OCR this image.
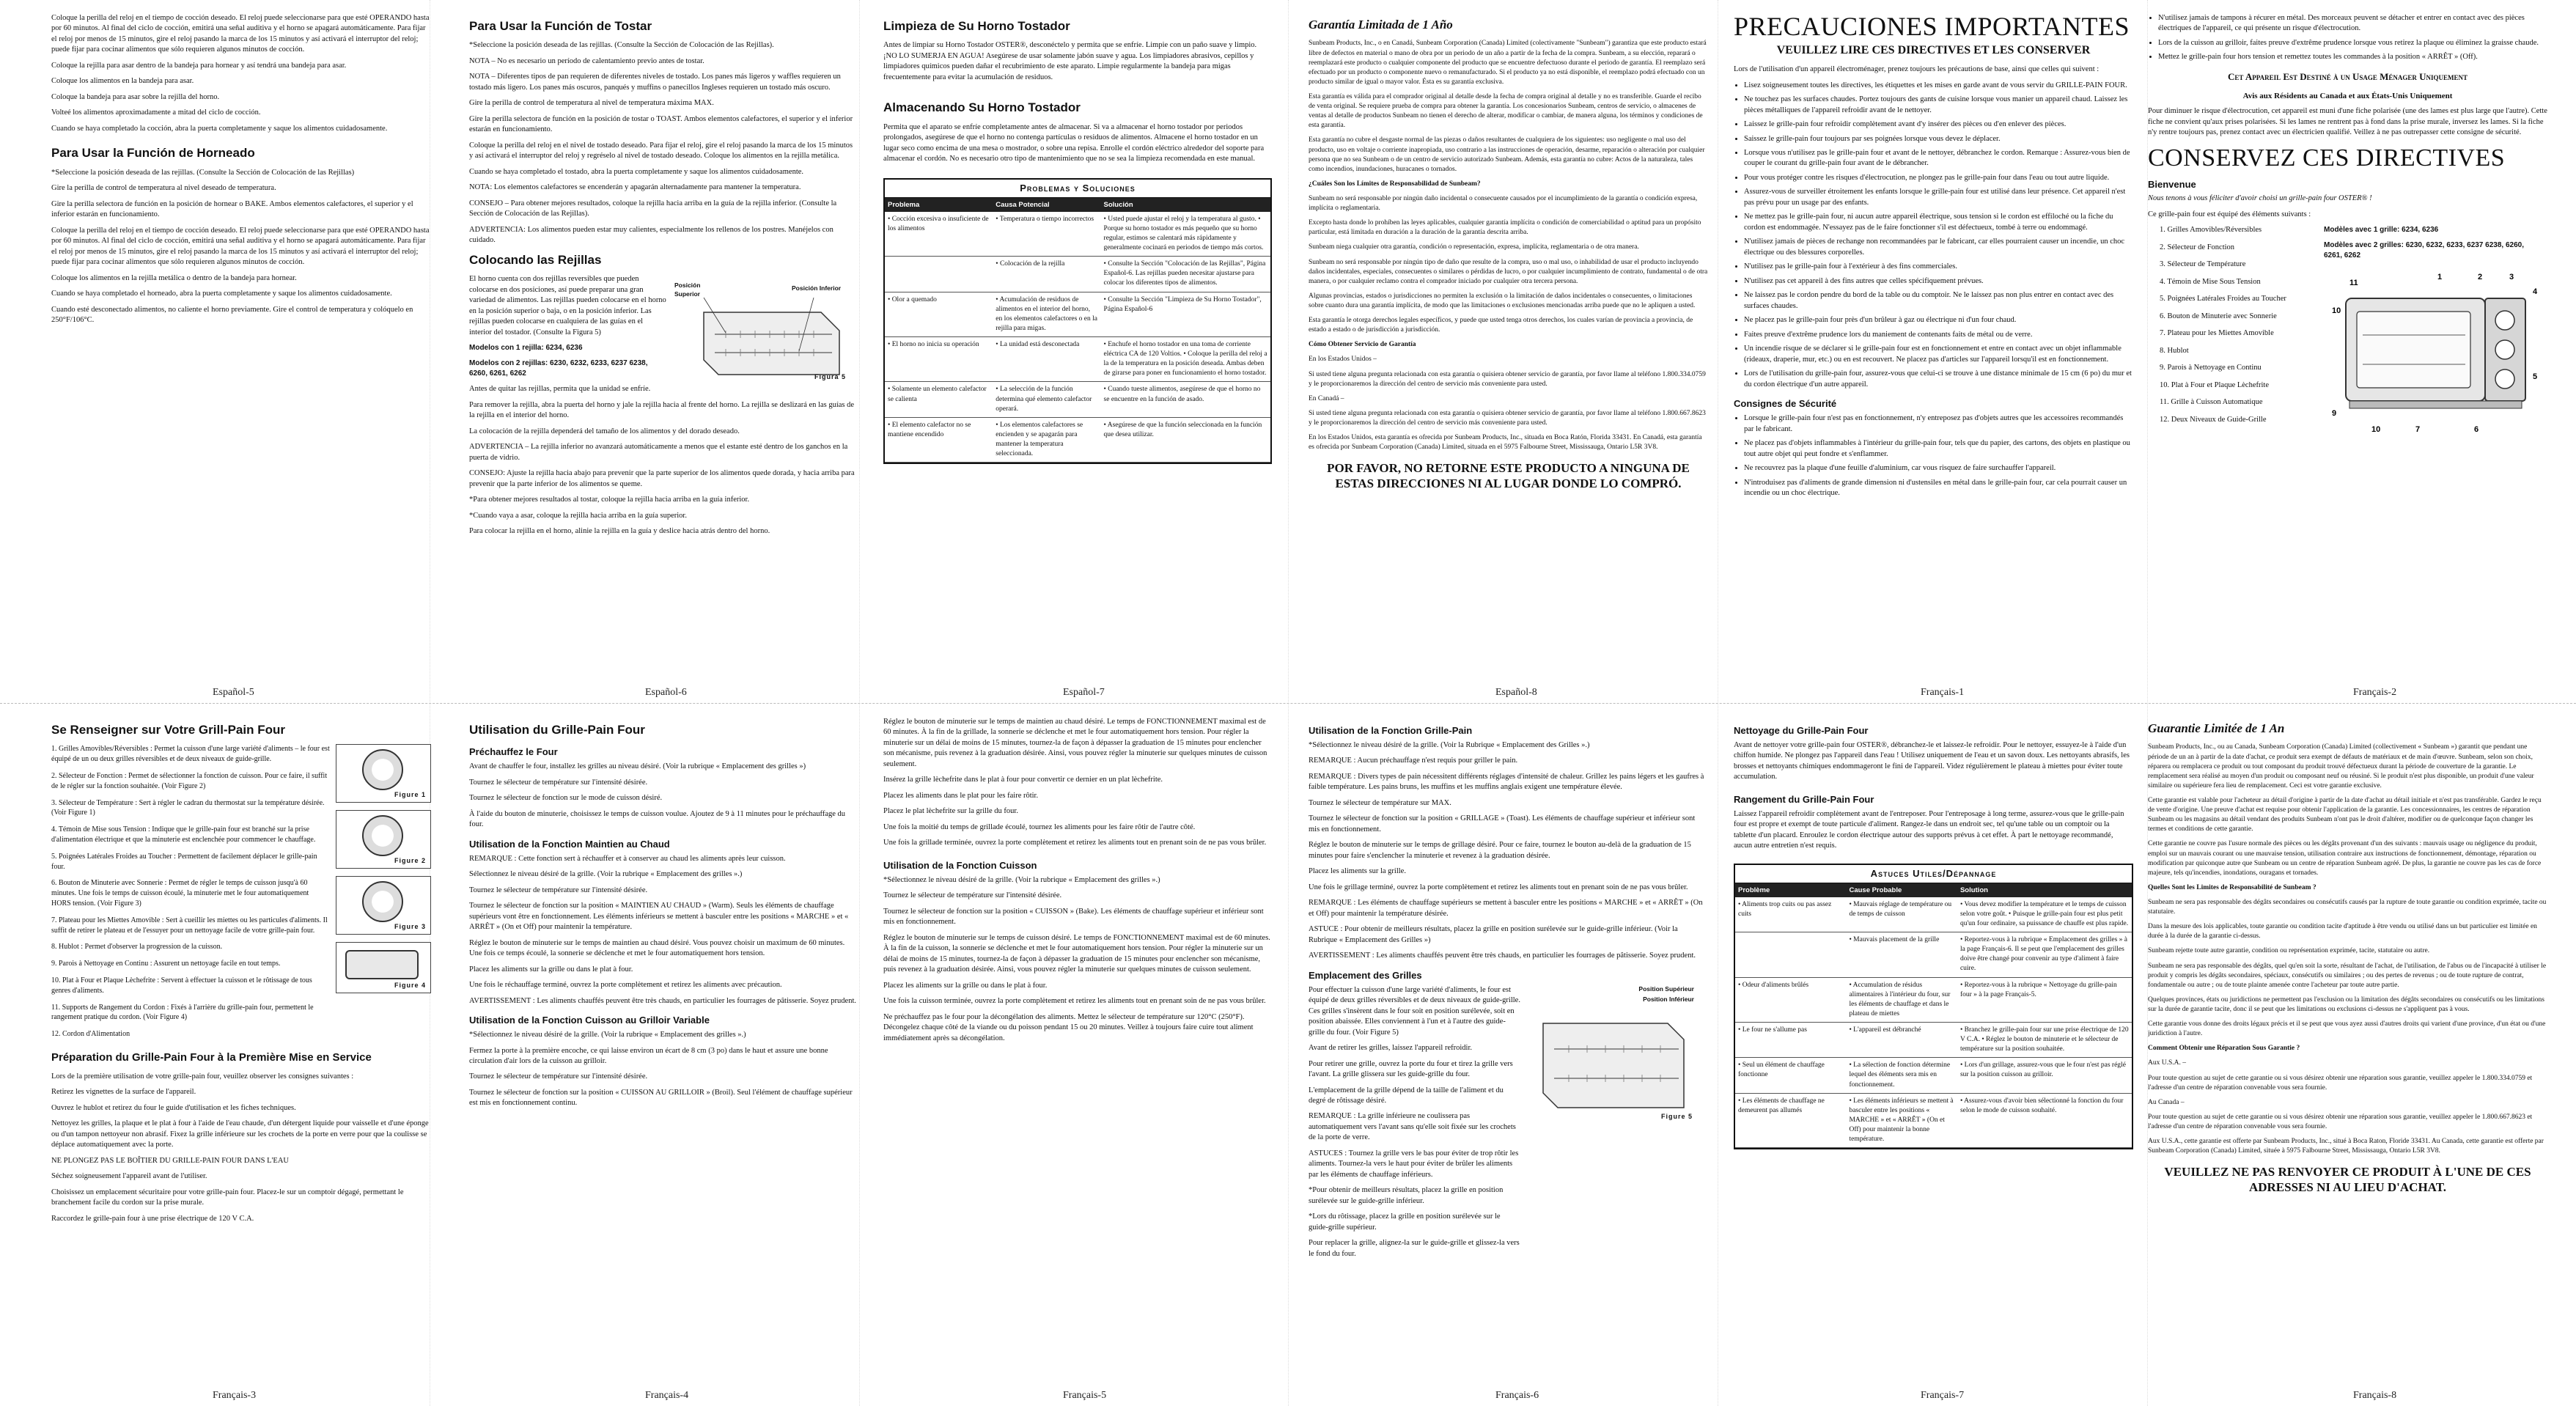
Coloque la perilla del reloj en el tiempo de cocción deseado. El reloj puede seleccionarse para que esté OPERANDO hasta por 60 minutos. Al final del ciclo de cocción, emitirá una señal auditiva y el horno se apagará automáticamente. Para fijar el reloj por menos de 15 minutos, gire el reloj pasando la marca de los 15 minutos y así activará el interruptor del reloj; puede fijar para cocinar alimentos que sólo requieren algunos minutos de cocción.

Coloque la rejilla para asar dentro de la bandeja para hornear y así tendrá una bandeja para asar.

Coloque los alimentos en la bandeja para asar.

Coloque la bandeja para asar sobre la rejilla del horno.

Volteé los alimentos aproximadamente a mitad del ciclo de cocción.

Cuando se haya completado la cocción, abra la puerta completamente y saque los alimentos cuidadosamente.

Para Usar la Función de Horneado

*Seleccione la posición deseada de las rejillas. (Consulte la Sección de Colocación de las Rejillas)

Gire la perilla de control de temperatura al nivel deseado de temperatura.

Gire la perilla selectora de función en la posición de hornear o BAKE. Ambos elementos calefactores, el superior y el inferior estarán en funcionamiento.

Coloque la perilla del reloj en el tiempo de cocción deseado. El reloj puede seleccionarse para que esté OPERANDO hasta por 60 minutos. Al final del ciclo de cocción, emitirá una señal auditiva y el horno se apagará automáticamente. Para fijar el reloj por menos de 15 minutos, gire el reloj pasando la marca de los 15 minutos y así activará el interruptor del reloj; puede fijar para cocinar alimentos que sólo requieren algunos minutos de cocción.

Coloque los alimentos en la rejilla metálica o dentro de la bandeja para hornear.

Cuando se haya completado el horneado, abra la puerta completamente y saque los alimentos cuidadosamente.

Cuando esté desconectado alimentos, no caliente el horno previamente. Gire el control de temperatura y colóquelo en 250°F/106°C.

Español-5
Para Usar la Función de Tostar

*Seleccione la posición deseada de las rejillas. (Consulte la Sección de Colocación de las Rejillas).

NOTA – No es necesario un período de calentamiento previo antes de tostar.

NOTA – Diferentes tipos de pan requieren de diferentes niveles de tostado. Los panes más ligeros y waffles requieren un tostado más ligero. Los panes más oscuros, panqués y muffins o panecillos Ingleses requieren un tostado más oscuro.

Gire la perilla de control de temperatura al nivel de temperatura máxima MAX.

Gire la perilla selectora de función en la posición de tostar o TOAST. Ambos elementos calefactores, el superior y el inferior estarán en funcionamiento.

Coloque la perilla del reloj en el nivel de tostado deseado. Para fijar el reloj, gire el reloj pasando la marca de los 15 minutos y así activará el interruptor del reloj y regréselo al nivel de tostado deseado. Coloque los alimentos en la rejilla metálica.

Cuando se haya completado el tostado, abra la puerta completamente y saque los alimentos cuidadosamente.

NOTA: Los elementos calefactores se encenderán y apagarán alternadamente para mantener la temperatura.

CONSEJO – Para obtener mejores resultados, coloque la rejilla hacia arriba en la guía de la rejilla inferior. (Consulte la Sección de Colocación de las Rejillas).

ADVERTENCIA: Los alimentos pueden estar muy calientes, especialmente los rellenos de los postres. Manéjelos con cuidado.

Colocando las Rejillas

El horno cuenta con dos rejillas reversibles que pueden colocarse en dos posiciones, así puede preparar una gran variedad de alimentos. Las rejillas pueden colocarse en el horno en la posición superior o baja, o en la posición inferior. Las rejillas pueden colocarse en cualquiera de las guías en el interior del tostador. (Consulte la Figura 5)

Modelos con 1 rejilla: 6234, 6236

Modelos con 2 rejillas: 6230, 6232, 6233, 6237 6238, 6260, 6261, 6262

Posición Superior
Posición Inferior
Figura 5

Antes de quitar las rejillas, permita que la unidad se enfríe.

Para remover la rejilla, abra la puerta del horno y jale la rejilla hacia al frente del horno. La rejilla se deslizará en las guías de la rejilla en el interior del horno.

La colocación de la rejilla dependerá del tamaño de los alimentos y del dorado deseado.

ADVERTENCIA – La rejilla inferior no avanzará automáticamente a menos que el estante esté dentro de los ganchos en la puerta de vidrio.

CONSEJO: Ajuste la rejilla hacia abajo para prevenir que la parte superior de los alimentos quede dorada, y hacia arriba para prevenir que la parte inferior de los alimentos se queme.

*Para obtener mejores resultados al tostar, coloque la rejilla hacia arriba en la guía inferior.

*Cuando vaya a asar, coloque la rejilla hacia arriba en la guía superior.

Para colocar la rejilla en el horno, alinie la rejilla en la guía y deslice hacia atrás dentro del horno.

Español-6
Limpieza de Su Horno Tostador

Antes de limpiar su Horno Tostador OSTER®, desconéctelo y permita que se enfríe. Limpie con un paño suave y limpio. ¡NO LO SUMERJA EN AGUA! Asegúrese de usar solamente jabón suave y agua. Los limpiadores abrasivos, cepillos y limpiadores químicos pueden dañar el recubrimiento de este aparato. Limpie regularmente la bandeja para migas frecuentemente para evitar la acumulación de residuos.

Almacenando Su Horno Tostador

Permita que el aparato se enfríe completamente antes de almacenar. Si va a almacenar el horno tostador por periodos prolongados, asegúrese de que el horno no contenga partículas o residuos de alimentos. Almacene el horno tostador en un lugar seco como encima de una mesa o mostrador, o sobre una repisa. Enrolle el cordón eléctrico alrededor del soporte para almacenar el cordón. No es necesario otro tipo de mantenimiento que no se sea la limpieza recomendada en este manual.

Problemas y Soluciones
Problema	Causa Potencial	Solución
• Cocción excesiva o insuficiente de los alimentos	• Temperatura o tiempo incorrectos	• Usted puede ajustar el reloj y la temperatura al gusto. • Porque su horno tostador es más pequeño que su horno regular, estimos se calentará más rápidamente y generalmente cocinará en periodos de tiempo más cortos.
	• Colocación de la rejilla	• Consulte la Sección "Colocación de las Rejillas", Página Español-6. Las rejillas pueden necesitar ajustarse para colocar los diferentes tipos de alimentos.
• Olor a quemado	• Acumulación de residuos de alimentos en el interior del horno, en los elementos calefactores o en la rejilla para migas.	• Consulte la Sección "Limpieza de Su Horno Tostador", Página Español-6
• El horno no inicia su operación	• La unidad está desconectada	• Enchufe el horno tostador en una toma de corriente eléctrica CA de 120 Voltios. • Coloque la perilla del reloj a la de la temperatura en la posición deseada. Ambas deben de girarse para poner en funcionamiento el horno tostador.
• Solamente un elemento calefactor se calienta	• La selección de la función determina qué elemento calefactor operará.	• Cuando tueste alimentos, asegúrese de que el horno no se encuentre en la función de asado.
• El elemento calefactor no se mantiene encendido	• Los elementos calefactores se encienden y se apagarán para mantener la temperatura seleccionada.	• Asegúrese de que la función seleccionada en la función que desea utilizar.
Español-7
Garantía Limitada de 1 Año

Sunbeam Products, Inc., o en Canadá, Sunbeam Corporation (Canada) Limited (colectivamente "Sunbeam") garantiza que este producto estará libre de defectos en material o mano de obra por un periodo de un año a partir de la fecha de la compra. Sunbeam, a su elección, reparará o reemplazará este producto o cualquier componente del producto que se encuentre defectuoso durante el periodo de garantía. El reemplazo será efectuado por un producto o componente nuevo o remanufacturado. Si el producto ya no está disponible, el reemplazo podrá efectuado con un producto similar de igual o mayor valor. Ésta es su garantía exclusiva.

Esta garantía es válida para el comprador original al detalle desde la fecha de compra original al detalle y no es transferible. Guarde el recibo de venta original. Se requiere prueba de compra para obtener la garantía. Los concesionarios Sunbeam, centros de servicio, o almacenes de ventas al detalle de productos Sunbeam no tienen el derecho de alterar, modificar o cambiar, de manera alguna, los términos y condiciones de esta garantía.

Esta garantía no cubre el desgaste normal de las piezas o daños resultantes de cualquiera de los siguientes: uso negligente o mal uso del producto, uso en voltaje o corriente inapropiada, uso contrario a las instrucciones de operación, desarme, reparación o alteración por cualquier persona que no sea Sunbeam o de un centro de servicio autorizado Sunbeam. Además, esta garantía no cubre: Actos de la naturaleza, tales como incendios, inundaciones, huracanes o tornados.

¿Cuáles Son los Límites de Responsabilidad de Sunbeam?

Sunbeam no será responsable por ningún daño incidental o consecuente causados por el incumplimiento de la garantía o condición expresa, implícita o reglamentaria.

Excepto hasta donde lo prohíben las leyes aplicables, cualquier garantía implícita o condición de comerciabilidad o aptitud para un propósito particular, está limitada en duración a la duración de la garantía descrita arriba.

Sunbeam niega cualquier otra garantía, condición o representación, expresa, implícita, reglamentaria o de otra manera.

Sunbeam no será responsable por ningún tipo de daño que resulte de la compra, uso o mal uso, o inhabilidad de usar el producto incluyendo daños incidentales, especiales, consecuentes o similares o pérdidas de lucro, o por cualquier incumplimiento de contrato, fundamental o de otra manera, o por cualquier reclamo contra el comprador iniciado por cualquier otra tercera persona.

Algunas provincias, estados o jurisdicciones no permiten la exclusión o la limitación de daños incidentales o consecuentes, o limitaciones sobre cuanto dura una garantía implícita, de modo que las limitaciones o exclusiones mencionadas arriba puede que no le apliquen a usted.

Esta garantía le otorga derechos legales específicos, y puede que usted tenga otros derechos, los cuales varían de provincia a provincia, de estado a estado o de jurisdicción a jurisdicción.

Cómo Obtener Servicio de Garantía

En los Estados Unidos –

Si usted tiene alguna pregunta relacionada con esta garantía o quisiera obtener servicio de garantía, por favor llame al teléfono 1.800.334.0759 y le proporcionaremos la dirección del centro de servicio más conveniente para usted.

En Canadá –

Si usted tiene alguna pregunta relacionada con esta garantía o quisiera obtener servicio de garantía, por favor llame al teléfono 1.800.667.8623 y le proporcionaremos la dirección del centro de servicio más conveniente para usted.

En los Estados Unidos, esta garantía es ofrecida por Sunbeam Products, Inc., situada en Boca Ratón, Florida 33431. En Canadá, esta garantía es ofrecida por Sunbeam Corporation (Canada) Limited, situada en el 5975 Falbourne Street, Mississauga, Ontario L5R 3V8.

POR FAVOR, NO RETORNE ESTE PRODUCTO A NINGUNA DE ESTAS DIRECCIONES NI AL LUGAR DONDE LO COMPRÓ.
Español-8
PRECAUCIONES IMPORTANTES
VEUILLEZ LIRE CES DIRECTIVES ET LES CONSERVER

Lors de l'utilisation d'un appareil électroménager, prenez toujours les précautions de base, ainsi que celles qui suivent :

• Lisez soigneusement toutes les directives, les étiquettes et les mises en garde avant de vous servir du GRILLE-PAIN FOUR.
• Ne touchez pas les surfaces chaudes. Portez toujours des gants de cuisine lorsque vous manier un appareil chaud. Laissez les pièces métalliques de l'appareil refroidir avant de le nettoyer.
• Laissez le grille-pain four refroidir complètement avant d'y insérer des pièces ou d'en enlever des pièces.
• Saissez le grille-pain four toujours par ses poignées lorsque vous devez le déplacer.
• Lorsque vous n'utilisez pas le grille-pain four et avant de le nettoyer, débranchez le cordon. Remarque : Assurez-vous bien de couper le courant du grille-pain four avant de le débrancher.
• Pour vous protéger contre les risques d'électrocution, ne plongez pas le grille-pain four dans l'eau ou tout autre liquide.
• Assurez-vous de surveiller étroitement les enfants lorsque le grille-pain four est utilisé dans leur présence. Cet appareil n'est pas prévu pour un usage par des enfants.
• Ne mettez pas le grille-pain four, ni aucun autre appareil électrique, sous tension si le cordon est effiloché ou la fiche du cordon est endommagée. N'essayez pas de le faire fonctionner s'il est défectueux, tombé à terre ou endommagé.
• N'utilisez jamais de pièces de rechange non recommandées par le fabricant, car elles pourraient causer un incendie, un choc électrique ou des blessures corporelles.
• N'utilisez pas le grille-pain four à l'extérieur à des fins commerciales.
• N'utilisez pas cet appareil à des fins autres que celles spécifiquement prévues.
• Ne laissez pas le cordon pendre du bord de la table ou du comptoir. Ne le laissez pas non plus entrer en contact avec des surfaces chaudes.
• Ne placez pas le grille-pain four près d'un brûleur à gaz ou électrique ni d'un four chaud.
• Faites preuve d'extrême prudence lors du maniement de contenants faits de métal ou de verre.
• Un incendie risque de se déclarer si le grille-pain four est en fonctionnement et entre en contact avec un objet inflammable (rideaux, draperie, mur, etc.) ou en est recouvert. Ne placez pas d'articles sur l'appareil lorsqu'il est en fonctionnement.
• Lors de l'utilisation du grille-pain four, assurez-vous que celui-ci se trouve à une distance minimale de 15 cm (6 po) du mur et du cordon électrique d'un autre appareil.
Consignes de Sécurité
• Lorsque le grille-pain four n'est pas en fonctionnement, n'y entreposez pas d'objets autres que les accessoires recommandés par le fabricant.
• Ne placez pas d'objets inflammables à l'intérieur du grille-pain four, tels que du papier, des cartons, des objets en plastique ou tout autre objet qui peut fondre et s'enflammer.
• Ne recouvrez pas la plaque d'une feuille d'aluminium, car vous risquez de faire surchauffer l'appareil.
• N'introduisez pas d'aliments de grande dimension ni d'ustensiles en métal dans le grille-pain four, car cela pourrait causer un incendie ou un choc électrique.
Français-1
• N'utilisez jamais de tampons à récurer en métal. Des morceaux peuvent se détacher et entrer en contact avec des pièces électriques de l'appareil, ce qui présente un risque d'électrocution.
• Lors de la cuisson au grilloir, faites preuve d'extrême prudence lorsque vous retirez la plaque ou éliminez la graisse chaude.
• Mettez le grille-pain four hors tension et remettez toutes les commandes à la position « ARRÊT » (Off).
Cet Appareil Est Destiné à un Usage Ménager Uniquement
Avis aux Résidents au Canada et aux États-Unis Uniquement

Pour diminuer le risque d'électrocution, cet appareil est muni d'une fiche polarisée (une des lames est plus large que l'autre). Cette fiche ne convient qu'aux prises polarisées. Si les lames ne rentrent pas à fond dans la prise murale, inversez les lames. Si la fiche n'y rentre toujours pas, prenez contact avec un électricien qualifié. Veillez à ne pas outrepasser cette consigne de sécurité.

CONSERVEZ CES DIRECTIVES
Bienvenue

Nous tenons à vous féliciter d'avoir choisi un grille-pain four OSTER® !

Ce grille-pain four est équipé des éléments suivants :

1. Grilles Amovibles/Réversibles
2. Sélecteur de Fonction
3. Sélecteur de Température
4. Témoin de Mise Sous Tension
5. Poignées Latérales Froides au Toucher
6. Bouton de Minuterie avec Sonnerie
7. Plateau pour les Miettes Amovible
8. Hublot
9. Parois à Nettoyage en Continu
10. Plat à Four et Plaque Lèchefrite
11. Grille à Cuisson Automatique
12. Deux Niveaux de Guide-Grille

Modèles avec 1 grille: 6234, 6236

Modèles avec 2 grilles: 6230, 6232, 6233, 6237 6238, 6260, 6261, 6262

11
1	2	3
4
10
9
10	7	6
5
Français-2
Se Renseigner sur Votre Grill-Pain Four
1. Grilles Amovibles/Réversibles : Permet la cuisson d'une large variété d'aliments – le four est équipé de un ou deux grilles réversibles et de deux niveaux de guide-grille.
2. Sélecteur de Fonction : Permet de sélectionner la fonction de cuisson. Pour ce faire, il suffit de le régler sur la fonction souhaitée. (Voir Figure 2)
3. Sélecteur de Température : Sert à régler le cadran du thermostat sur la température désirée. (Voir Figure 1)
4. Témoin de Mise sous Tension : Indique que le grille-pain four est branché sur la prise d'alimentation électrique et que la minuterie est enclenchée pour commencer le chauffage.
5. Poignées Latérales Froides au Toucher : Permettent de facilement déplacer le grille-pain four.
6. Bouton de Minuterie avec Sonnerie : Permet de régler le temps de cuisson jusqu'à 60 minutes. Une fois le temps de cuisson écoulé, la minuterie met le four automatiquement HORS tension. (Voir Figure 3)
7. Plateau pour les Miettes Amovible : Sert à cueillir les miettes ou les particules d'aliments. Il suffit de retirer le plateau et de l'essuyer pour un nettoyage facile de votre grille-pain four.
8. Hublot : Permet d'observer la progression de la cuisson.
9. Parois à Nettoyage en Continu : Assurent un nettoyage facile en tout temps.
10. Plat à Four et Plaque Lèchefrite : Servent à effectuer la cuisson et le rôtissage de tous genres d'aliments.
11. Supports de Rangement du Cordon : Fixés à l'arrière du grille-pain four, permettent le rangement pratique du cordon. (Voir Figure 4)
12. Cordon d'Alimentation
Figure 1
Figure 2
Figure 3
Figure 4
Préparation du Grille-Pain Four à la Première Mise en Service

Lors de la première utilisation de votre grille-pain four, veuillez observer les consignes suivantes :

Retirez les vignettes de la surface de l'appareil.

Ouvrez le hublot et retirez du four le guide d'utilisation et les fiches techniques.

Nettoyez les grilles, la plaque et le plat à four à l'aide de l'eau chaude, d'un détergent liquide pour vaisselle et d'une éponge ou d'un tampon nettoyeur non abrasif. Fixez la grille inférieure sur les crochets de la porte en verre pour que la coulisse se déplace automatiquement avec la porte.

NE PLONGEZ PAS LE BOÎTIER DU GRILLE-PAIN FOUR DANS L'EAU

Séchez soigneusement l'appareil avant de l'utiliser.

Choisissez un emplacement sécuritaire pour votre grille-pain four. Placez-le sur un comptoir dégagé, permettant le branchement facile du cordon sur la prise murale.

Raccordez le grille-pain four à une prise électrique de 120 V C.A.

Français-3
Utilisation du Grille-Pain Four
Préchauffez le Four

Avant de chauffer le four, installez les grilles au niveau désiré. (Voir la rubrique « Emplacement des grilles »)

Tournez le sélecteur de température sur l'intensité désirée.

Tournez le sélecteur de fonction sur le mode de cuisson désiré.

À l'aide du bouton de minuterie, choisissez le temps de cuisson voulue. Ajoutez de 9 à 11 minutes pour le préchauffage du four.

Utilisation de la Fonction Maintien au Chaud

REMARQUE : Cette fonction sert à réchauffer et à conserver au chaud les aliments après leur cuisson.

Sélectionnez le niveau désiré de la grille. (Voir la rubrique « Emplacement des grilles ».)

Tournez le sélecteur de température sur l'intensité désirée.

Tournez le sélecteur de fonction sur la position « MAINTIEN AU CHAUD » (Warm). Seuls les éléments de chauffage supérieurs vont être en fonctionnement. Les éléments inférieurs se mettent à basculer entre les positions « MARCHE » et « ARRÊT » (On et Off) pour maintenir la température.

Réglez le bouton de minuterie sur le temps de maintien au chaud désiré. Vous pouvez choisir un maximum de 60 minutes. Une fois ce temps écoulé, la sonnerie se déclenche et met le four automatiquement hors tension.

Placez les aliments sur la grille ou dans le plat à four.

Une fois le réchauffage terminé, ouvrez la porte complètement et retirez les aliments avec précaution.

AVERTISSEMENT : Les aliments chauffés peuvent être très chauds, en particulier les fourrages de pâtisserie. Soyez prudent.

Utilisation de la Fonction Cuisson au Grilloir Variable

*Sélectionnez le niveau désiré de la grille. (Voir la rubrique « Emplacement des grilles ».)

Fermez la porte à la première encoche, ce qui laisse environ un écart de 8 cm (3 po) dans le haut et assure une bonne circulation d'air lors de la cuisson au grilloir.

Tournez le sélecteur de température sur l'intensité désirée.

Tournez le sélecteur de fonction sur la position « CUISSON AU GRILLOIR » (Broil). Seul l'élément de chauffage supérieur est mis en fonctionnement continu.

Français-4

Réglez le bouton de minuterie sur le temps de maintien au chaud désiré. Le temps de FONCTIONNEMENT maximal est de 60 minutes. À la fin de la grillade, la sonnerie se déclenche et met le four automatiquement hors tension. Pour régler la minuterie sur un délai de moins de 15 minutes, tournez-la de façon à dépasser la graduation de 15 minutes pour enclencher son mécanisme, puis revenez à la graduation désirée. Ainsi, vous pouvez régler la minuterie sur quelques minutes de cuisson seulement.

Insérez la grille lèchefrite dans le plat à four pour convertir ce dernier en un plat lèchefrite.

Placez les aliments dans le plat pour les faire rôtir.

Placez le plat lèchefrite sur la grille du four.

Une fois la moitié du temps de grillade écoulé, tournez les aliments pour les faire rôtir de l'autre côté.

Une fois la grillade terminée, ouvrez la porte complètement et retirez les aliments tout en prenant soin de ne pas vous brûler.

Utilisation de la Fonction Cuisson

*Sélectionnez le niveau désiré de la grille. (Voir la rubrique « Emplacement des grilles ».)

Tournez le sélecteur de température sur l'intensité désirée.

Tournez le sélecteur de fonction sur la position « CUISSON » (Bake). Les éléments de chauffage supérieur et inférieur sont mis en fonctionnement.

Réglez le bouton de minuterie sur le temps de cuisson désiré. Le temps de FONCTIONNEMENT maximal est de 60 minutes. À la fin de la cuisson, la sonnerie se déclenche et met le four automatiquement hors tension. Pour régler la minuterie sur un délai de moins de 15 minutes, tournez-la de façon à dépasser la graduation de 15 minutes pour enclencher son mécanisme, puis revenez à la graduation désirée. Ainsi, vous pouvez régler la minuterie sur quelques minutes de cuisson seulement.

Placez les aliments sur la grille ou dans le plat à four.

Une fois la cuisson terminée, ouvrez la porte complètement et retirez les aliments tout en prenant soin de ne pas vous brûler.

Ne préchauffez pas le four pour la décongélation des aliments. Mettez le sélecteur de température sur 120°C (250°F). Décongelez chaque côté de la viande ou du poisson pendant 15 ou 20 minutes. Veillez à toujours faire cuire tout aliment immédiatement après sa décongélation.

Français-5
Utilisation de la Fonction Grille-Pain

*Sélectionnez le niveau désiré de la grille. (Voir la Rubrique « Emplacement des Grilles ».)

REMARQUE : Aucun préchauffage n'est requis pour griller le pain.

REMARQUE : Divers types de pain nécessitent différents réglages d'intensité de chaleur. Grillez les pains légers et les gaufres à faible température. Les pains bruns, les muffins et les muffins anglais exigent une température élevée.

Tournez le sélecteur de température sur MAX.

Tournez le sélecteur de fonction sur la position « GRILLAGE » (Toast). Les éléments de chauffage supérieur et inférieur sont mis en fonctionnement.

Réglez le bouton de minuterie sur le temps de grillage désiré. Pour ce faire, tournez le bouton au-delà de la graduation de 15 minutes pour faire s'enclencher la minuterie et revenez à la graduation désirée.

Placez les aliments sur la grille.

Une fois le grillage terminé, ouvrez la porte complètement et retirez les aliments tout en prenant soin de ne pas vous brûler.

REMARQUE : Les éléments de chauffage supérieurs se mettent à basculer entre les positions « MARCHE » et « ARRÊT » (On et Off) pour maintenir la température désirée.

ASTUCE : Pour obtenir de meilleurs résultats, placez la grille en position surélevée sur le guide-grille inférieur. (Voir la Rubrique « Emplacement des Grilles »)

AVERTISSEMENT : Les aliments chauffés peuvent être très chauds, en particulier les fourrages de pâtisserie. Soyez prudent.

Emplacement des Grilles

Pour effectuer la cuisson d'une large variété d'aliments, le four est équipé de deux grilles réversibles et de deux niveaux de guide-grille. Ces grilles s'insèrent dans le four soit en position surélevée, soit en position abaissée. Elles conviennent à l'un et à l'autre des guide-grille du four. (Voir Figure 5)

Avant de retirer les grilles, laissez l'appareil refroidir.

Pour retirer une grille, ouvrez la porte du four et tirez la grille vers l'avant. La grille glissera sur les guide-grille du four.

L'emplacement de la grille dépend de la taille de l'aliment et du degré de rôtissage désiré.

REMARQUE : La grille inférieure ne coulissera pas automatiquement vers l'avant sans qu'elle soit fixée sur les crochets de la porte de verre.

ASTUCES : Tournez la grille vers le bas pour éviter de trop rôtir les aliments. Tournez-la vers le haut pour éviter de brûler les aliments par les éléments de chauffage inférieurs.

*Pour obtenir de meilleurs résultats, placez la grille en position surélevée sur le guide-grille inférieur.

*Lors du rôtissage, placez la grille en position surélevée sur le guide-grille supérieur.

Pour replacer la grille, alignez-la sur le guide-grille et glissez-la vers le fond du four.

Position Supérieur
Position Inférieur
Figure 5
Français-6
Nettoyage du Grille-Pain Four

Avant de nettoyer votre grille-pain four OSTER®, débranchez-le et laissez-le refroidir. Pour le nettoyer, essuyez-le à l'aide d'un chiffon humide. Ne plongez pas l'appareil dans l'eau ! Utilisez uniquement de l'eau et un savon doux. Les nettoyants abrasifs, les brosses et nettoyants chimiques endommageront le fini de l'appareil. Videz régulièrement le plateau à miettes pour éviter toute accumulation.

Rangement du Grille-Pain Four

Laissez l'appareil refroidir complètement avant de l'entreposer. Pour l'entreposage à long terme, assurez-vous que le grille-pain four est propre et exempt de toute particule d'aliment. Rangez-le dans un endroit sec, tel qu'une table ou un comptoir ou la tablette d'un placard. Enroulez le cordon électrique autour des supports prévus à cet effet. À part le nettoyage recommandé, aucun autre entretien n'est requis.

Astuces Utiles/Dépannage
Problème	Cause Probable	Solution
• Aliments trop cuits ou pas assez cuits	• Mauvais réglage de température ou de temps de cuisson	• Vous devez modifier la température et le temps de cuisson selon votre goût. • Puisque le grille-pain four est plus petit qu'un four ordinaire, sa puissance de chauffe est plus rapide.
	• Mauvais placement de la grille	• Reportez-vous à la rubrique « Emplacement des grilles » à la page Français-6. Il se peut que l'emplacement des grilles doive être changé pour convenir au type d'aliment à faire cuire.
• Odeur d'aliments brûlés	• Accumulation de résidus alimentaires à l'intérieur du four, sur les éléments de chauffage et dans le plateau de miettes	• Reportez-vous à la rubrique « Nettoyage du grille-pain four » à la page Français-5.
• Le four ne s'allume pas	• L'appareil est débranché	• Branchez le grille-pain four sur une prise électrique de 120 V C.A. • Réglez le bouton de minuterie et le sélecteur de température sur la position souhaitée.
• Seul un élément de chauffage fonctionne	• La sélection de fonction détermine lequel des éléments sera mis en fonctionnement.	• Lors d'un grillage, assurez-vous que le four n'est pas réglé sur la position cuisson au grilloir.
• Les éléments de chauffage ne demeurent pas allumés	• Les éléments inférieurs se mettent à basculer entre les positions « MARCHE » et « ARRÊT » (On et Off) pour maintenir la bonne température.	• Assurez-vous d'avoir bien sélectionné la fonction du four selon le mode de cuisson souhaité.
Français-7
Guarantie Limitée de 1 An

Sunbeam Products, Inc., ou au Canada, Sunbeam Corporation (Canada) Limited (collectivement « Sunbeam ») garantit que pendant une période de un an à partir de la date d'achat, ce produit sera exempt de défauts de matériaux et de main d'œuvre. Sunbeam, selon son choix, réparera ou remplacera ce produit ou tout composant du produit trouvé défectueux durant la période de couverture de la garantie. Le remplacement sera réalisé au moyen d'un produit ou composant neuf ou réusiné. Si le produit n'est plus disponible, un produit d'une valeur similaire ou supérieure fera lieu de remplacement. Ceci est votre garantie exclusive.

Cette garantie est valable pour l'acheteur au détail d'origine à partir de la date d'achat au détail initiale et n'est pas transférable. Gardez le reçu de vente d'origine. Une preuve d'achat est requise pour obtenir l'application de la garantie. Les concessionnaires, les centres de réparation Sunbeam ou les magasins au détail vendant des produits Sunbeam n'ont pas le droit d'altérer, modifier ou de quelconque façon changer les termes et conditions de cette garantie.

Cette garantie ne couvre pas l'usure normale des pièces ou les dégâts provenant d'un des suivants : mauvais usage ou négligence du produit, emploi sur un mauvais courant ou une mauvaise tension, utilisation contraire aux instructions de fonctionnement, démontage, réparation ou modification par quiconque autre que Sunbeam ou un centre de réparation Sunbeam agréé. De plus, la garantie ne couvre pas les cas de force majeure, tels qu'incendies, inondations, ouragans et tornades.

Quelles Sont les Limites de Responsabilité de Sunbeam ?

Sunbeam ne sera pas responsable des dégâts secondaires ou consécutifs causés par la rupture de toute garantie ou condition exprimée, tacite ou statutaire.

Dans la mesure des lois applicables, toute garantie ou condition tacite d'aptitude à être vendu ou utilisé dans un but particulier est limitée en durée à la durée de la garantie ci-dessus.

Sunbeam rejette toute autre garantie, condition ou représentation exprimée, tacite, statutaire ou autre.

Sunbeam ne sera pas responsable des dégâts, quel qu'en soit la sorte, résultant de l'achat, de l'utilisation, de l'abus ou de l'incapacité à utiliser le produit y compris les dégâts secondaires, spéciaux, consécutifs ou similaires ; ou des pertes de revenus ; ou de toute rupture de contrat, fondamentale ou autre ; ou de toute plainte amenée contre l'acheteur par toute autre partie.

Quelques provinces, états ou juridictions ne permettent pas l'exclusion ou la limitation des dégâts secondaires ou consécutifs ou les limitations sur la durée de garantie tacite, donc il se peut que les limitations ou exclusions ci-dessus ne s'appliquent pas à vous.

Cette garantie vous donne des droits légaux précis et il se peut que vous ayez aussi d'autres droits qui varient d'une province, d'un état ou d'une juridiction à l'autre.

Comment Obtenir une Réparation Sous Garantie ?

Aux U.S.A. –

Pour toute question au sujet de cette garantie ou si vous désirez obtenir une réparation sous garantie, veuillez appeler le 1.800.334.0759 et l'adresse d'un centre de réparation convenable vous sera fournie.

Au Canada –

Pour toute question au sujet de cette garantie ou si vous désirez obtenir une réparation sous garantie, veuillez appeler le 1.800.667.8623 et l'adresse d'un centre de réparation convenable vous sera fournie.

Aux U.S.A., cette garantie est offerte par Sunbeam Products, Inc., situé à Boca Raton, Floride 33431. Au Canada, cette garantie est offerte par Sunbeam Corporation (Canada) Limited, située à 5975 Falbourne Street, Mississauga, Ontario L5R 3V8.

VEUILLEZ NE PAS RENVOYER CE PRODUIT À L'UNE DE CES ADRESSES NI AU LIEU D'ACHAT.
Français-8
